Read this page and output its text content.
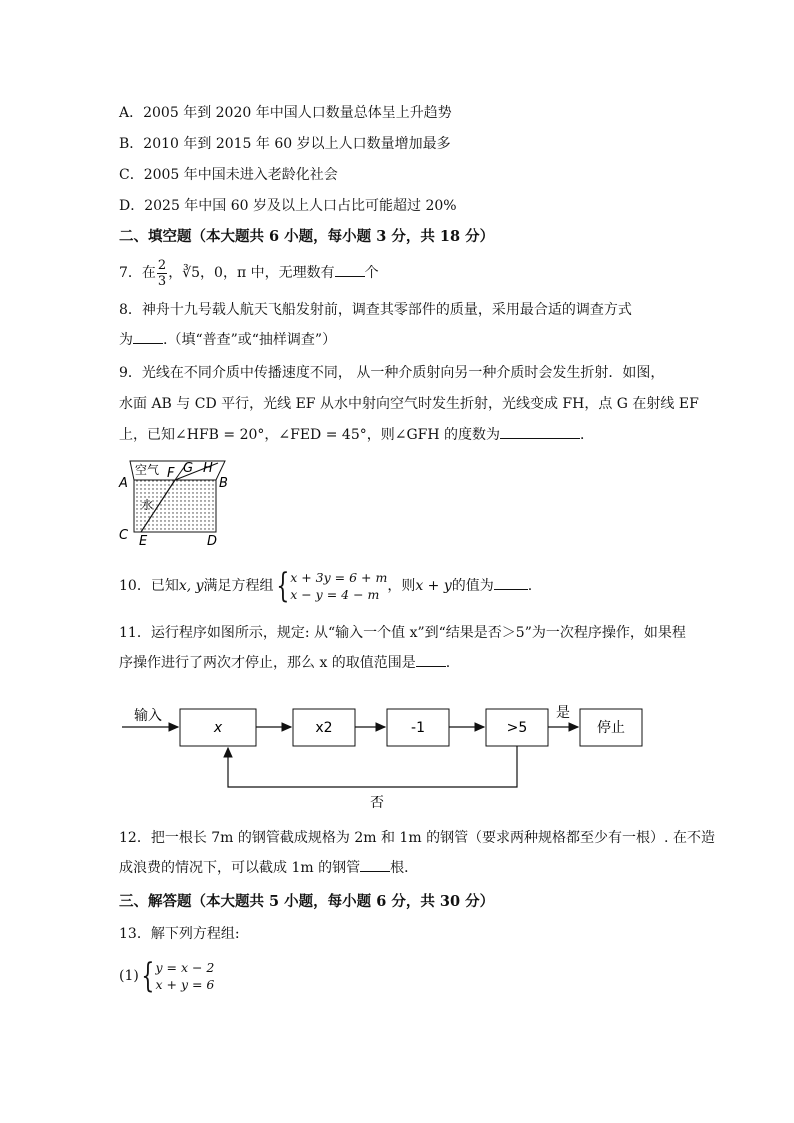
A．2005 年到 2020 年中国人口数量总体呈上升趋势
B．2010 年到 2015 年 60 岁以上人口数量增加最多
C．2005 年中国未进入老龄化社会
D．2025 年中国 60 岁及以上人口占比可能超过 20%
二、填空题（本大题共 6 小题，每小题 3 分，共 18 分）
7．在 $\frac{2}{3}$ ，∛5，0，π 中，无理数有 个
8．神舟十九号载人航天飞船发射前，调查其零部件的质量，采用最合适的调查方式
为 .（填“普查”或“抽样调查”）
9．光线在不同介质中传播速度不同， 从一种介质射向另一种介质时会发生折射．如图，
水面 AB 与 CD 平行，光线 EF 从水中射向空气时发生折射，光线变成 FH，点 G 在射线 EF
上，已知∠HFB = 20°，∠FED = 45°，则∠GFH 的度数为	．
空气
水
A	B
C	D
E
F G H
10．已知x, y满足方程组{ x + 3y = 6 + m
x − y = 4 − m
，则x + y的值为 .
11．运行程序如图所示，规定: 从“输入一个值 x”到“结果是否＞5”为一次程序操作，如果程
序操作进行了两次才停止，那么 x 的取值范围是 .
输入
x	x2	-1	>5
是
停止
否
12．把一根长 7m 的钢管截成规格为 2m 和 1m 的钢管（要求两种规格都至少有一根）. 在不造
成浪费的情况下，可以截成 1m 的钢管 根．
三、解答题（本大题共 5 小题，每小题 6 分，共 30 分）
13．解下列方程组:
(1){ y = x − 2
x + y = 6
